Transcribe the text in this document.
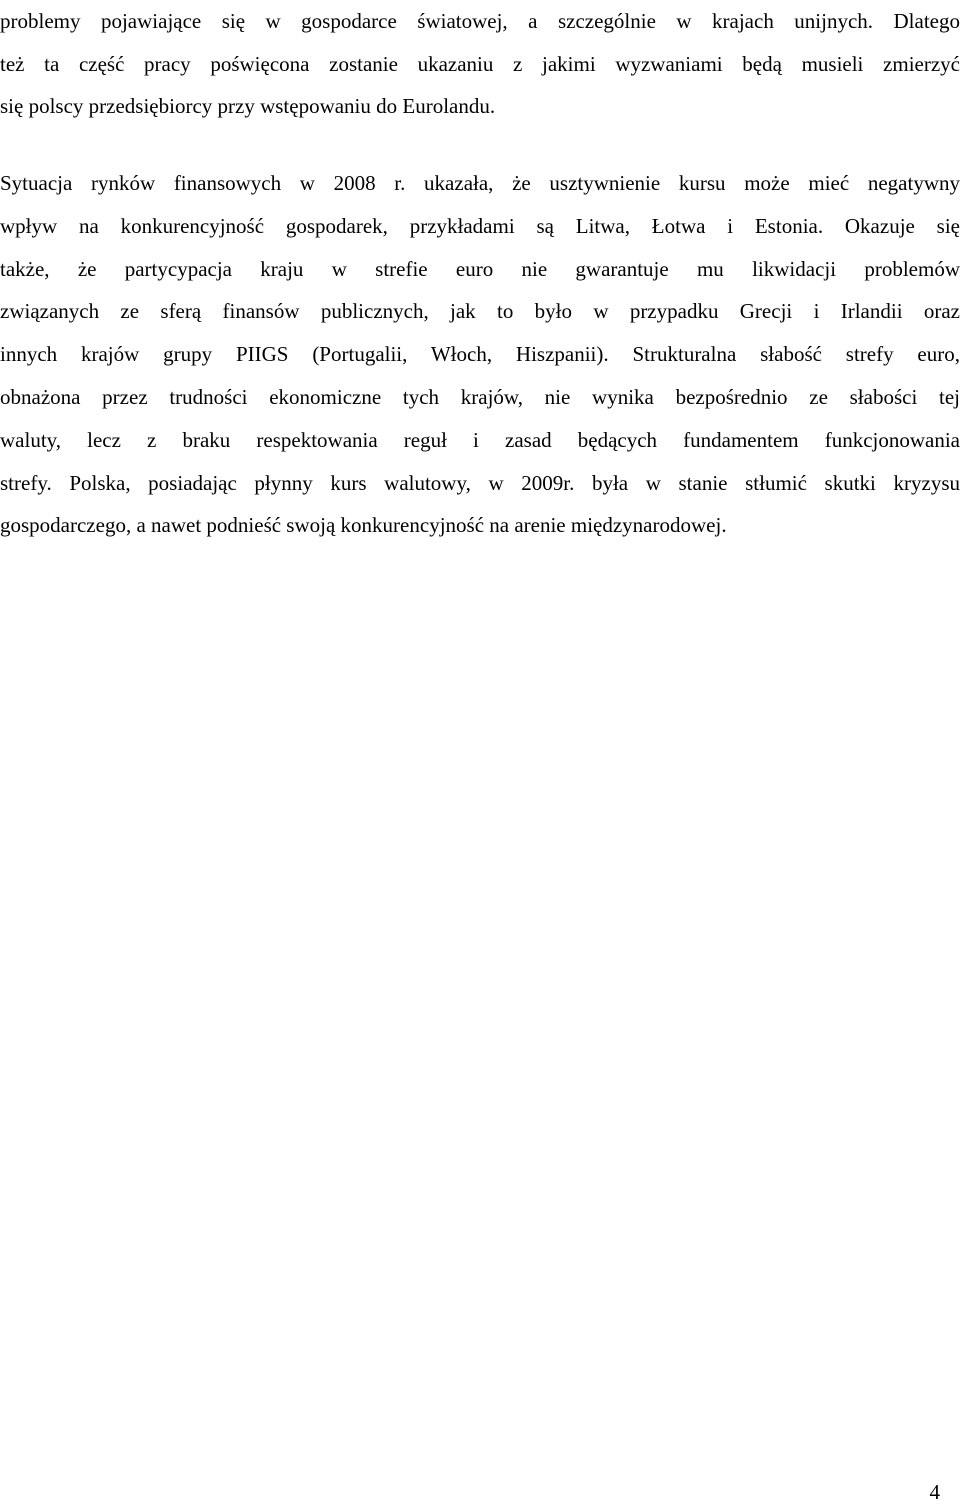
problemy pojawiające się w gospodarce światowej, a szczególnie w krajach unijnych. Dlatego
też ta część pracy poświęcona zostanie ukazaniu z jakimi wyzwaniami będą musieli zmierzyć
się polscy przedsiębiorcy przy wstępowaniu do Eurolandu.
Sytuacja rynków finansowych w 2008 r. ukazała, że usztywnienie kursu może mieć negatywny
wpływ na konkurencyjność gospodarek, przykładami są Litwa, Łotwa i Estonia. Okazuje się
także, że partycypacja kraju w strefie euro nie gwarantuje mu likwidacji problemów
związanych ze sferą finansów publicznych, jak to było w przypadku Grecji i Irlandii oraz
innych krajów grupy PIIGS (Portugalii, Włoch, Hiszpanii). Strukturalna słabość strefy euro,
obnażona przez trudności ekonomiczne tych krajów, nie wynika bezpośrednio ze słabości tej
waluty, lecz z braku respektowania reguł i zasad będących fundamentem funkcjonowania
strefy. Polska, posiadając płynny kurs walutowy, w 2009r. była w stanie stłumić skutki kryzysu
gospodarczego, a nawet podnieść swoją konkurencyjność na arenie międzynarodowej.
4
